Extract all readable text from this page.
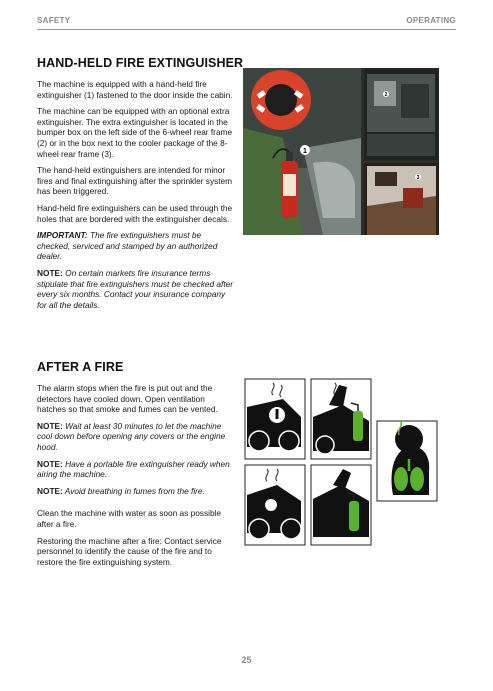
SAFETY	OPERATING
HAND-HELD FIRE EXTINGUISHER

The machine is equipped with a hand-held fire extinguisher (1) fastened to the door inside the cabin.

The machine can be equipped with an optional extra extinguisher. The extra extinguisher is located in the bumper box on the left side of the 6-wheel rear frame (2) or in the box next to the cooler package of the 8-wheel rear frame (3).

The hand-held extinguishers are intended for minor fires and final extinguishing after the sprinkler system has been triggered.

Hand-held fire extinguishers can be used through the holes that are bordered with the extinguisher decals.

IMPORTANT: The fire extinguishers must be checked, serviced and stamped by an authorized dealer.

NOTE: On certain markets fire insurance terms stipulate that fire extinguishers must be checked after every six months. Contact your insurance company for all the details.

1
2
3
AFTER A FIRE

The alarm stops when the fire is put out and the detectors have cooled down. Open ventilation hatches so that smoke and fumes can be vented.

NOTE: Wait at least 30 minutes to let the machine cool down before opening any covers or the engine hood.

NOTE: Have a portable fire extinguisher ready when airing the machine.

NOTE: Avoid breathing in fumes from the fire.

Clean the machine with water as soon as possible after a fire.

Restoring the machine after a fire: Contact service personnel to identify the cause of the fire and to restore the fire extinguishing system.

25
